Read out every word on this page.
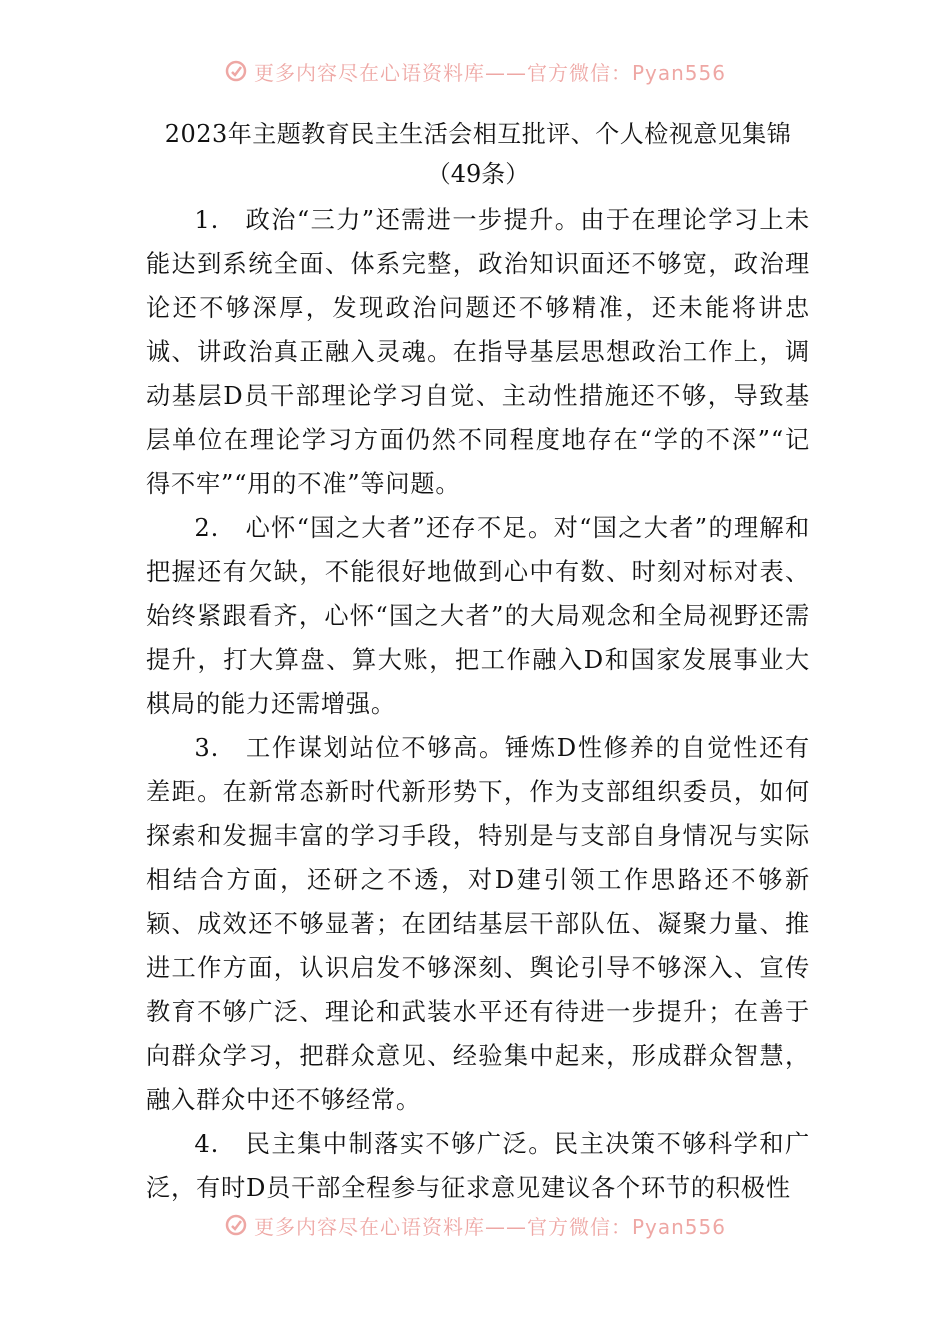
更多内容尽在心语资料库——官方微信：Pyan556
2023年主题教育民主生活会相互批评、个人检视意见集锦
（49条）

1. 政治“三力”还需进一步提升。由于在理论学习上未能达到系统全面、体系完整，政治知识面还不够宽，政治理论还不够深厚，发现政治问题还不够精准，还未能将讲忠诚、讲政治真正融入灵魂。在指导基层思想政治工作上，调动基层D员干部理论学习自觉、主动性措施还不够，导致基层单位在理论学习方面仍然不同程度地存在“学的不深”“记得不牢”“用的不准”等问题。

2. 心怀“国之大者”还存不足。对“国之大者”的理解和把握还有欠缺，不能很好地做到心中有数、时刻对标对表、始终紧跟看齐，心怀“国之大者”的大局观念和全局视野还需提升，打大算盘、算大账，把工作融入D和国家发展事业大棋局的能力还需增强。

3. 工作谋划站位不够高。锤炼D性修养的自觉性还有差距。在新常态新时代新形势下，作为支部组织委员，如何探索和发掘丰富的学习手段，特别是与支部自身情况与实际相结合方面，还研之不透，对D建引领工作思路还不够新颖、成效还不够显著；在团结基层干部队伍、凝聚力量、推进工作方面，认识启发不够深刻、舆论引导不够深入、宣传教育不够广泛、理论和武装水平还有待进一步提升；在善于向群众学习，把群众意见、经验集中起来，形成群众智慧，融入群众中还不够经常。

4. 民主集中制落实不够广泛。民主决策不够科学和广泛，有时D员干部全程参与征求意见建议各个环节的积极性

更多内容尽在心语资料库——官方微信：Pyan556
